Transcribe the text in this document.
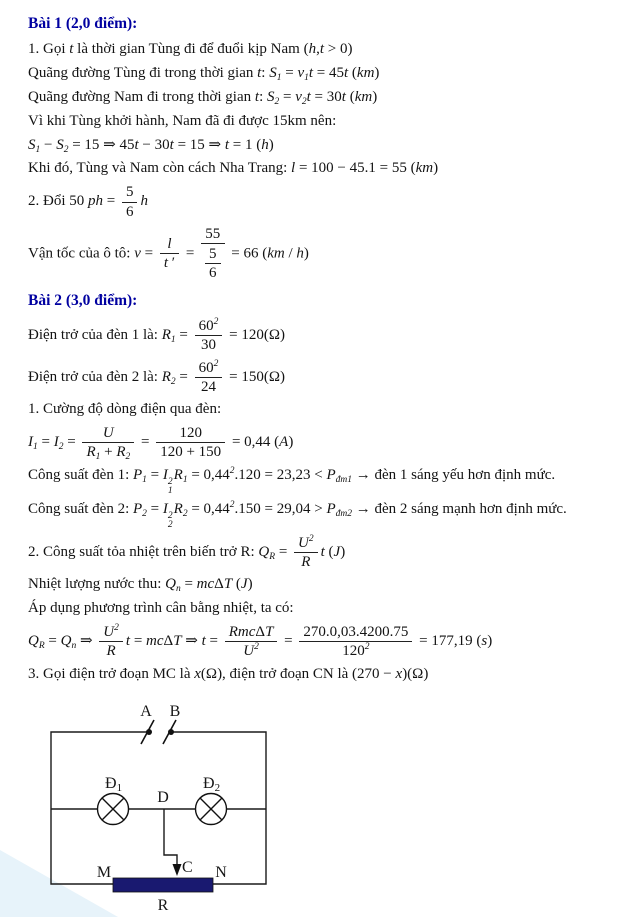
Bài 1 (2,0 điểm):
1. Gọi t là thời gian Tùng đi để đuổi kịp Nam (h,t > 0)
Quãng đường Tùng đi trong thời gian t: $S_1 = v_1t = 45t$ (km)
Quãng đường Nam đi trong thời gian t: $S_2 = v_2t = 30t$ (km)
Vì khi Tùng khởi hành, Nam đã đi được 15km nên:
$S_1 - S_2 = 15$ ⇒ 45t − 30t = 15 ⇒ t = 1 (h)
Khi đó, Tùng và Nam còn cách Nha Trang: l = 100 − 45.1 = 55 (km)
2. Đổi 50 ph = $\frac{5}{6}$ h
Vận tốc của ô tô: $v = \frac{l}{t '} = \frac{55}{\frac{5}{6}} = 66$ (km / h)
Bài 2 (3,0 điểm):
Điện trở của đèn 1 là: $R_1 = \frac{60^2}{30} = 120(\Omega)$
Điện trở của đèn 2 là: $R_2 = \frac{60^2}{24} = 150(\Omega)$
1. Cường độ dòng điện qua đèn:
$I_1 = I_2 = \frac{U}{R_1 + R_2} = \frac{120}{120 + 150} = 0,44$ (A)
Công suất đèn 1: $P_1 = I$ 2
1
$R_1 = 0,44^2.120 = 23,23 < P_{đm1}$ → đèn 1 sáng yếu hơn định mức.
Công suất đèn 2: $P_2 = I$ 2
2
$R_2 = 0,44^2.150 = 29,04 > P_{đm2}$ → đèn 2 sáng mạnh hơn định mức.
2. Công suất tỏa nhiệt trên biến trở R: $Q_R = \frac{U^2}{R}$ t (J)
Nhiệt lượng nước thu: $Q_n = mc\Delta T$ (J)
Áp dụng phương trình cân bằng nhiệt, ta có:
$Q_R = Q_n$ ⇒ $\frac{U^2}{R}$ t = mcΔT ⇒ $t = \frac{\text{RmcΔT}}{U^2} = \frac{270.0,03.4200.75}{120^2} = 177,19$ (s)
3. Gọi điện trở đoạn MC là x(Ω), điện trở đoạn CN là (270 − x)(Ω)
A B
Đ1	Đ2
D
C
M	N
R
